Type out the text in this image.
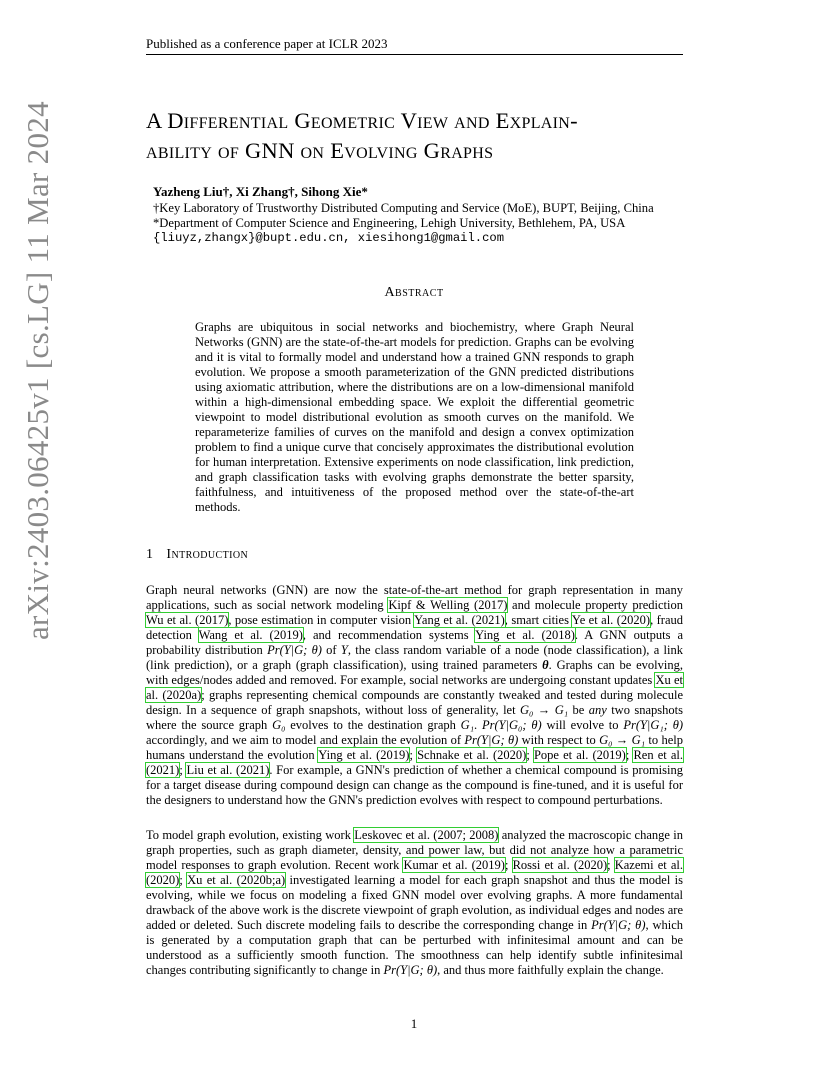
arXiv:2403.06425v1 [cs.LG] 11 Mar 2024
Published as a conference paper at ICLR 2023
A Differential Geometric View and Explain-
ability of GNN on Evolving Graphs
Yazheng Liu†, Xi Zhang†, Sihong Xie*
†Key Laboratory of Trustworthy Distributed Computing and Service (MoE), BUPT, Beijing, China
*Department of Computer Science and Engineering, Lehigh University, Bethlehem, PA, USA
{liuyz,zhangx}@bupt.edu.cn, xiesihong1@gmail.com
Abstract
Graphs are ubiquitous in social networks and biochemistry, where Graph Neural Networks (GNN) are the state-of-the-art models for prediction. Graphs can be evolving and it is vital to formally model and understand how a trained GNN responds to graph evolution. We propose a smooth parameterization of the GNN predicted distributions using axiomatic attribution, where the distributions are on a low-dimensional manifold within a high-dimensional embedding space. We exploit the differential geometric viewpoint to model distributional evolution as smooth curves on the manifold. We reparameterize families of curves on the manifold and design a convex optimization problem to find a unique curve that concisely approximates the distributional evolution for human interpretation. Extensive experiments on node classification, link prediction, and graph classification tasks with evolving graphs demonstrate the better sparsity, faithfulness, and intuitiveness of the proposed method over the state-of-the-art methods.
1 Introduction

Graph neural networks (GNN) are now the state-of-the-art method for graph representation in many applications, such as social network modeling Kipf & Welling (2017) and molecule property prediction Wu et al. (2017), pose estimation in computer vision Yang et al. (2021), smart cities Ye et al. (2020), fraud detection Wang et al. (2019), and recommendation systems Ying et al. (2018). A GNN outputs a probability distribution Pr(Y|G; θ) of Y, the class random variable of a node (node classification), a link (link prediction), or a graph (graph classification), using trained parameters θ. Graphs can be evolving, with edges/nodes added and removed. For example, social networks are undergoing constant updates Xu et al. (2020a); graphs representing chemical compounds are constantly tweaked and tested during molecule design. In a sequence of graph snapshots, without loss of generality, let G₀ → G₁ be any two snapshots where the source graph G₀ evolves to the destination graph G₁. Pr(Y|G₀; θ) will evolve to Pr(Y|G₁; θ) accordingly, and we aim to model and explain the evolution of Pr(Y|G; θ) with respect to G₀ → G₁ to help humans understand the evolution Ying et al. (2019); Schnake et al. (2020); Pope et al. (2019); Ren et al. (2021); Liu et al. (2021). For example, a GNN's prediction of whether a chemical compound is promising for a target disease during compound design can change as the compound is fine-tuned, and it is useful for the designers to understand how the GNN's prediction evolves with respect to compound perturbations.

To model graph evolution, existing work Leskovec et al. (2007; 2008) analyzed the macroscopic change in graph properties, such as graph diameter, density, and power law, but did not analyze how a parametric model responses to graph evolution. Recent work Kumar et al. (2019); Rossi et al. (2020); Kazemi et al. (2020); Xu et al. (2020b;a) investigated learning a model for each graph snapshot and thus the model is evolving, while we focus on modeling a fixed GNN model over evolving graphs. A more fundamental drawback of the above work is the discrete viewpoint of graph evolution, as individual edges and nodes are added or deleted. Such discrete modeling fails to describe the corresponding change in Pr(Y|G; θ), which is generated by a computation graph that can be perturbed with infinitesimal amount and can be understood as a sufficiently smooth function. The smoothness can help identify subtle infinitesimal changes contributing significantly to change in Pr(Y|G; θ), and thus more faithfully explain the change.

1
